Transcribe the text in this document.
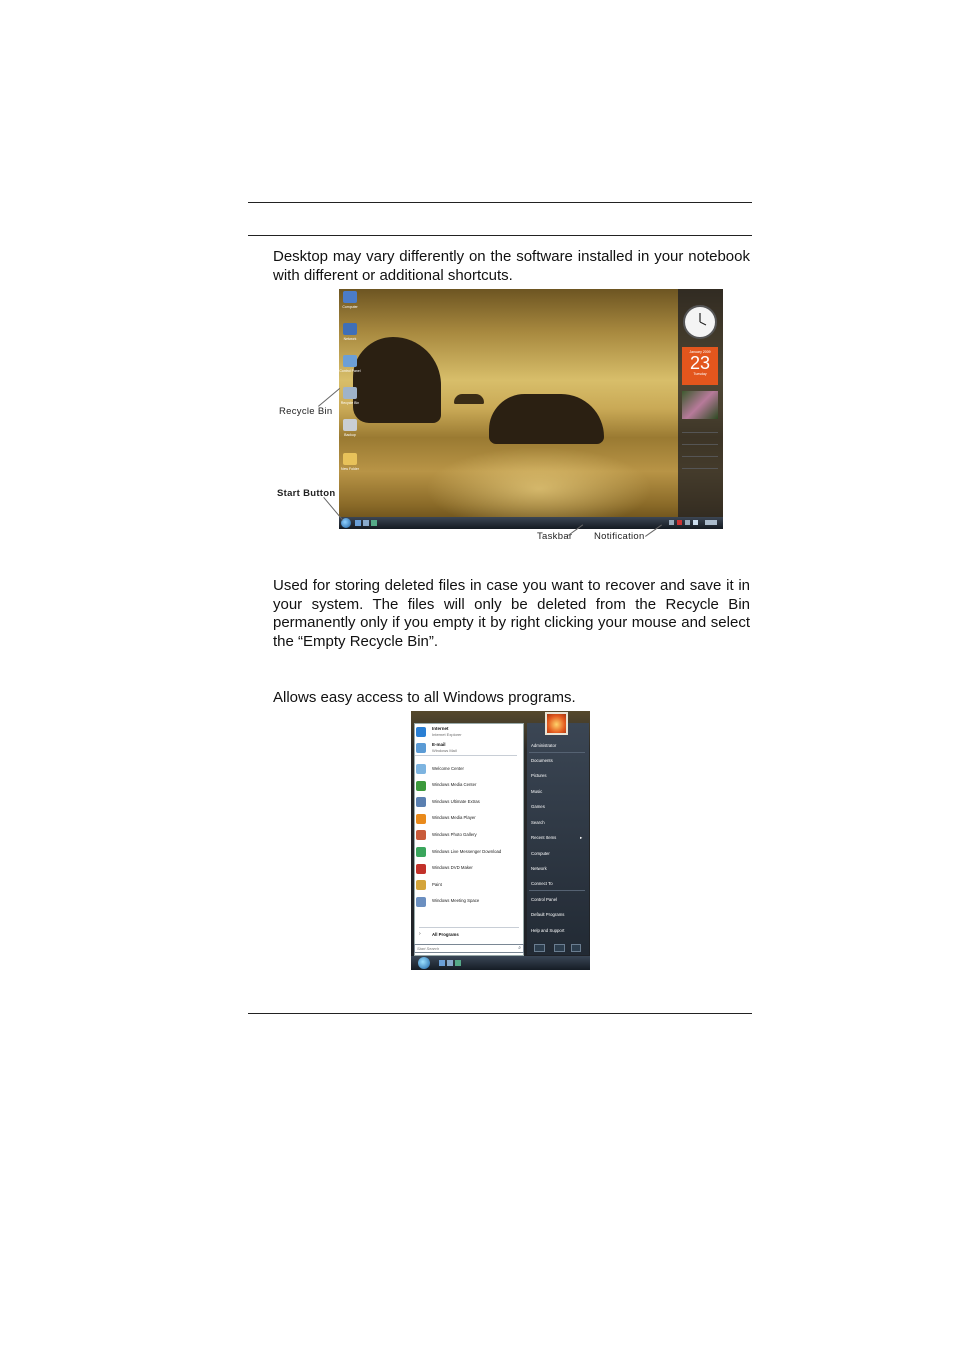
Desktop may vary differently on the software installed in your notebook with different or additional shortcuts.

Computer
Network
Control Panel
Recycle Bin
Backup
New Folder
January 2009
23
Tuesday
Recycle Bin
Start Button
Taskbar Notification

Used for storing deleted files in case you want to recover and save it in your system. The files will only be deleted from the Recycle Bin permanently only if you empty it by right clicking your mouse and select the “Empty Recycle Bin”.

Allows easy access to all Windows programs.

Internet
Internet Explorer
E-mail
Windows Mail
Welcome Center
Windows Media Center
Windows Ultimate Extras
Windows Media Player
Windows Photo Gallery
Windows Live Messenger Download
Windows DVD Maker
Paint
Windows Meeting Space
›	All Programs
Start Search
⌕
Administrator
Documents
Pictures
Music
Games
Search
Recent Items	▸
Computer
Network
Connect To
Control Panel
Default Programs
Help and Support
